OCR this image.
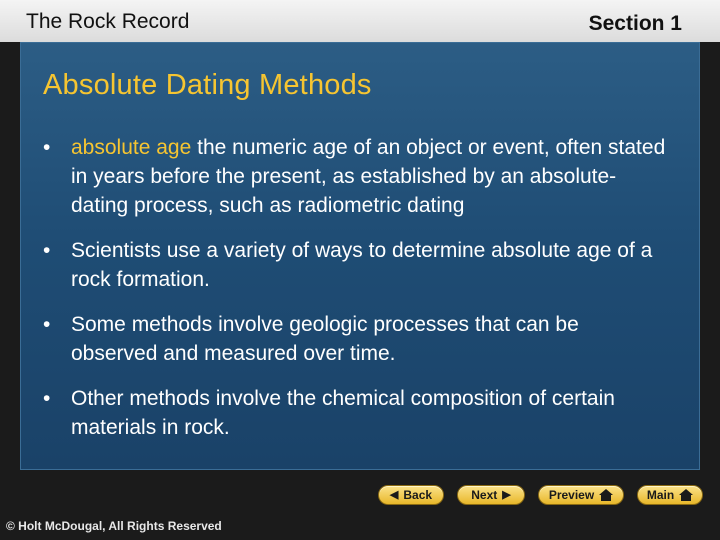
The Rock Record	Section 1
Absolute Dating Methods
• absolute age the numeric age of an object or event, often stated in years before the present, as established by an absolute-dating process, such as radiometric dating
• Scientists use a variety of ways to determine absolute age of a rock formation.
• Some methods involve geologic processes that can be observed and measured over time.
• Other methods involve the chemical composition of certain materials in rock.
◀ Back	Next ▶	Preview	Main
© Holt McDougal, All Rights Reserved
